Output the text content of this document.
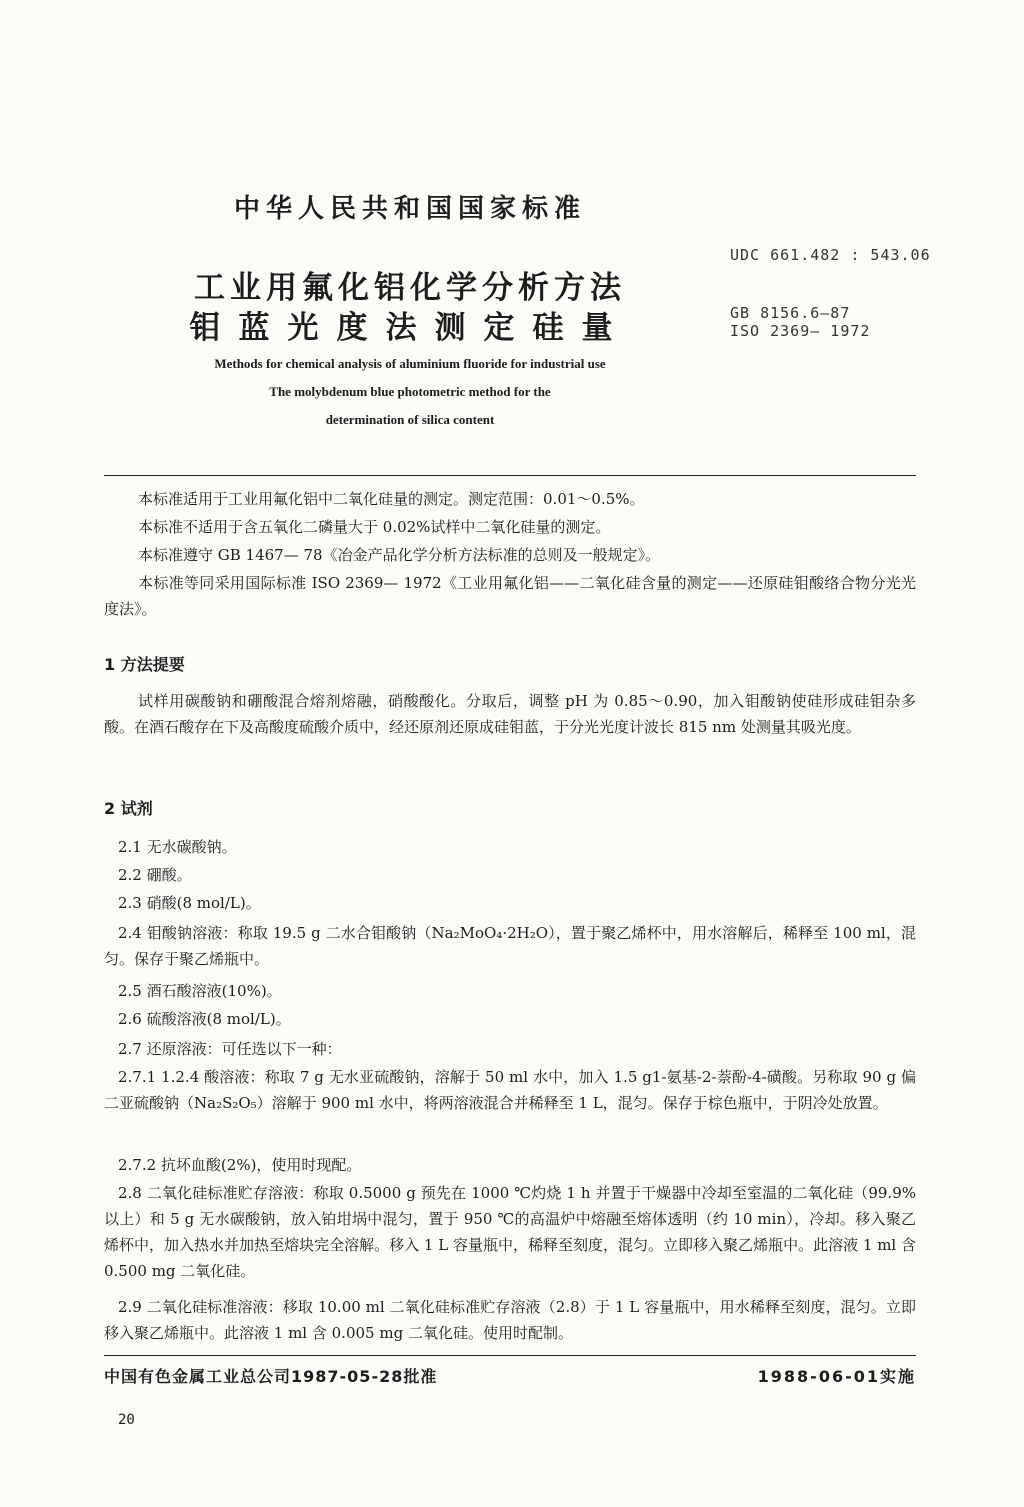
中华人民共和国国家标准
工业用氟化铝化学分析方法
钼蓝光度法测定硅量
UDC 661.482 : 543.06
GB 8156.6—87
ISO 2369— 1972
Methods for chemical analysis of aluminium fluoride for industrial use
The molybdenum blue photometric method for the
determination of silica content

本标准适用于工业用氟化铝中二氧化硅量的测定。测定范围：0.01～0.5%。

本标准不适用于含五氧化二磷量大于 0.02%试样中二氧化硅量的测定。

本标准遵守 GB 1467— 78《冶金产品化学分析方法标准的总则及一般规定》。

本标准等同采用国际标准 ISO 2369— 1972《工业用氟化铝——二氧化硅含量的测定——还原硅钼酸络合物分光光度法》。

1 方法提要

试样用碳酸钠和硼酸混合熔剂熔融，硝酸酸化。分取后，调整 pH 为 0.85～0.90，加入钼酸钠使硅形成硅钼杂多酸。在酒石酸存在下及高酸度硫酸介质中，经还原剂还原成硅钼蓝，于分光光度计波长 815 nm 处测量其吸光度。

2 试剂

2.1 无水碳酸钠。

2.2 硼酸。

2.3 硝酸(8 mol/L)。

2.4 钼酸钠溶液：称取 19.5 g 二水合钼酸钠（Na₂MoO₄·2H₂O），置于聚乙烯杯中，用水溶解后，稀释至 100 ml，混匀。保存于聚乙烯瓶中。

2.5 酒石酸溶液(10%)。

2.6 硫酸溶液(8 mol/L)。

2.7 还原溶液：可任选以下一种：

2.7.1 1.2.4 酸溶液：称取 7 g 无水亚硫酸钠，溶解于 50 ml 水中，加入 1.5 g1-氨基-2-萘酚-4-磺酸。另称取 90 g 偏二亚硫酸钠（Na₂S₂O₅）溶解于 900 ml 水中，将两溶液混合并稀释至 1 L，混匀。保存于棕色瓶中，于阴冷处放置。

2.7.2 抗坏血酸(2%)，使用时现配。

2.8 二氧化硅标准贮存溶液：称取 0.5000 g 预先在 1000 ℃灼烧 1 h 并置于干燥器中冷却至室温的二氧化硅（99.9%以上）和 5 g 无水碳酸钠，放入铂坩埚中混匀，置于 950 ℃的高温炉中熔融至熔体透明（约 10 min），冷却。移入聚乙烯杯中，加入热水并加热至熔块完全溶解。移入 1 L 容量瓶中，稀释至刻度，混匀。立即移入聚乙烯瓶中。此溶液 1 ml 含 0.500 mg 二氧化硅。

2.9 二氧化硅标准溶液：移取 10.00 ml 二氧化硅标准贮存溶液（2.8）于 1 L 容量瓶中，用水稀释至刻度，混匀。立即移入聚乙烯瓶中。此溶液 1 ml 含 0.005 mg 二氧化硅。使用时配制。

中国有色金属工业总公司1987-05-28批准	1988-06-01实施
20
